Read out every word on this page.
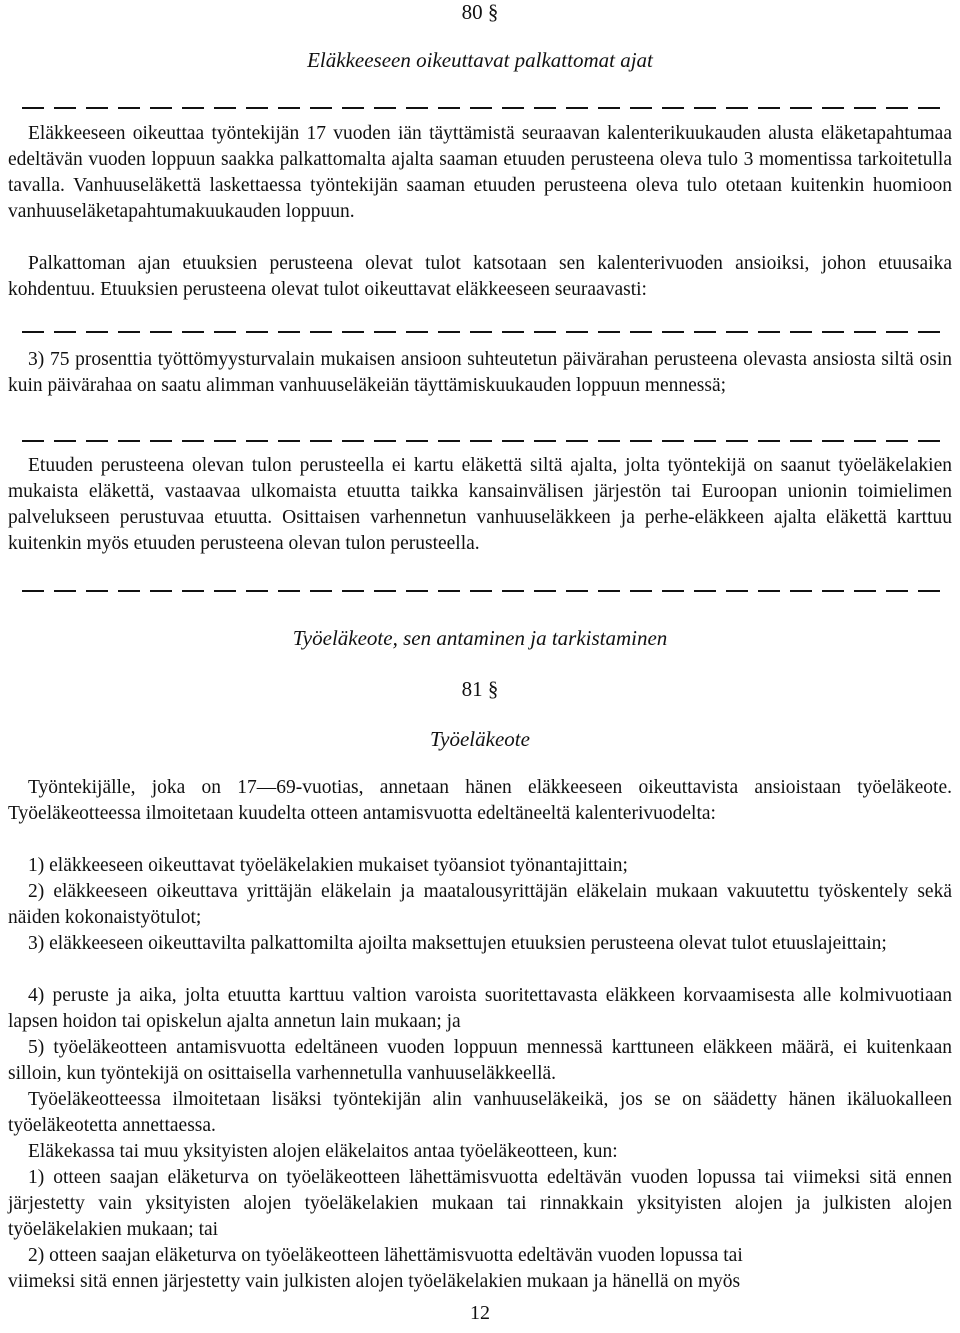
80 §
Eläkkeeseen oikeuttavat palkattomat ajat
Eläkkeeseen oikeuttaa työntekijän 17 vuoden iän täyttämistä seuraavan kalenterikuukauden alusta eläketapahtumaa edeltävän vuoden loppuun saakka palkattomalta ajalta saaman etuuden perusteena oleva tulo 3 momentissa tarkoitetulla tavalla. Vanhuuseläkettä laskettaessa työntekijän saaman etuuden perusteena oleva tulo otetaan kuitenkin huomioon vanhuuseläketapahtumakuukauden loppuun.
Palkattoman ajan etuuksien perusteena olevat tulot katsotaan sen kalenterivuoden ansioiksi, johon etuusaika kohdentuu. Etuuksien perusteena olevat tulot oikeuttavat eläkkeeseen seuraavasti:
3) 75 prosenttia työttömyysturvalain mukaisen ansioon suhteutetun päivärahan perusteena olevasta ansiosta siltä osin kuin päivärahaa on saatu alimman vanhuuseläkeiän täyttämiskuukauden loppuun mennessä;
Etuuden perusteena olevan tulon perusteella ei kartu eläkettä siltä ajalta, jolta työntekijä on saanut työeläkelakien mukaista eläkettä, vastaavaa ulkomaista etuutta taikka kansainvälisen järjestön tai Euroopan unionin toimielimen palvelukseen perustuvaa etuutta. Osittaisen varhennetun vanhuuseläkkeen ja perhe-eläkkeen ajalta eläkettä karttuu kuitenkin myös etuuden perusteena olevan tulon perusteella.
Työeläkeote, sen antaminen ja tarkistaminen
81 §
Työeläkeote
Työntekijälle, joka on 17—69-vuotias, annetaan hänen eläkkeeseen oikeuttavista ansioistaan työeläkeote. Työeläkeotteessa ilmoitetaan kuudelta otteen antamisvuotta edeltäneeltä kalenterivuodelta:
1) eläkkeeseen oikeuttavat työeläkelakien mukaiset työansiot työnantajittain;
2) eläkkeeseen oikeuttava yrittäjän eläkelain ja maatalousyrittäjän eläkelain mukaan vakuutettu työskentely sekä näiden kokonaistyötulot;
3) eläkkeeseen oikeuttavilta palkattomilta ajoilta maksettujen etuuksien perusteena olevat tulot etuuslajeittain;
4) peruste ja aika, jolta etuutta karttuu valtion varoista suoritettavasta eläkkeen korvaamisesta alle kolmivuotiaan lapsen hoidon tai opiskelun ajalta annetun lain mukaan; ja
5) työeläkeotteen antamisvuotta edeltäneen vuoden loppuun mennessä karttuneen eläkkeen määrä, ei kuitenkaan silloin, kun työntekijä on osittaisella varhennetulla vanhuuseläkkeellä.
Työeläkeotteessa ilmoitetaan lisäksi työntekijän alin vanhuuseläkeikä, jos se on säädetty hänen ikäluokalleen työeläkeotetta annettaessa.
Eläkekassa tai muu yksityisten alojen eläkelaitos antaa työeläkeotteen, kun:
1) otteen saajan eläketurva on työeläkeotteen lähettämisvuotta edeltävän vuoden lopussa tai viimeksi sitä ennen järjestetty vain yksityisten alojen työeläkelakien mukaan tai rinnakkain yksityisten alojen ja julkisten alojen työeläkelakien mukaan; tai
2) otteen saajan eläketurva on työeläkeotteen lähettämisvuotta edeltävän vuoden lopussa tai
viimeksi sitä ennen järjestetty vain julkisten alojen työeläkelakien mukaan ja hänellä on myös
12
